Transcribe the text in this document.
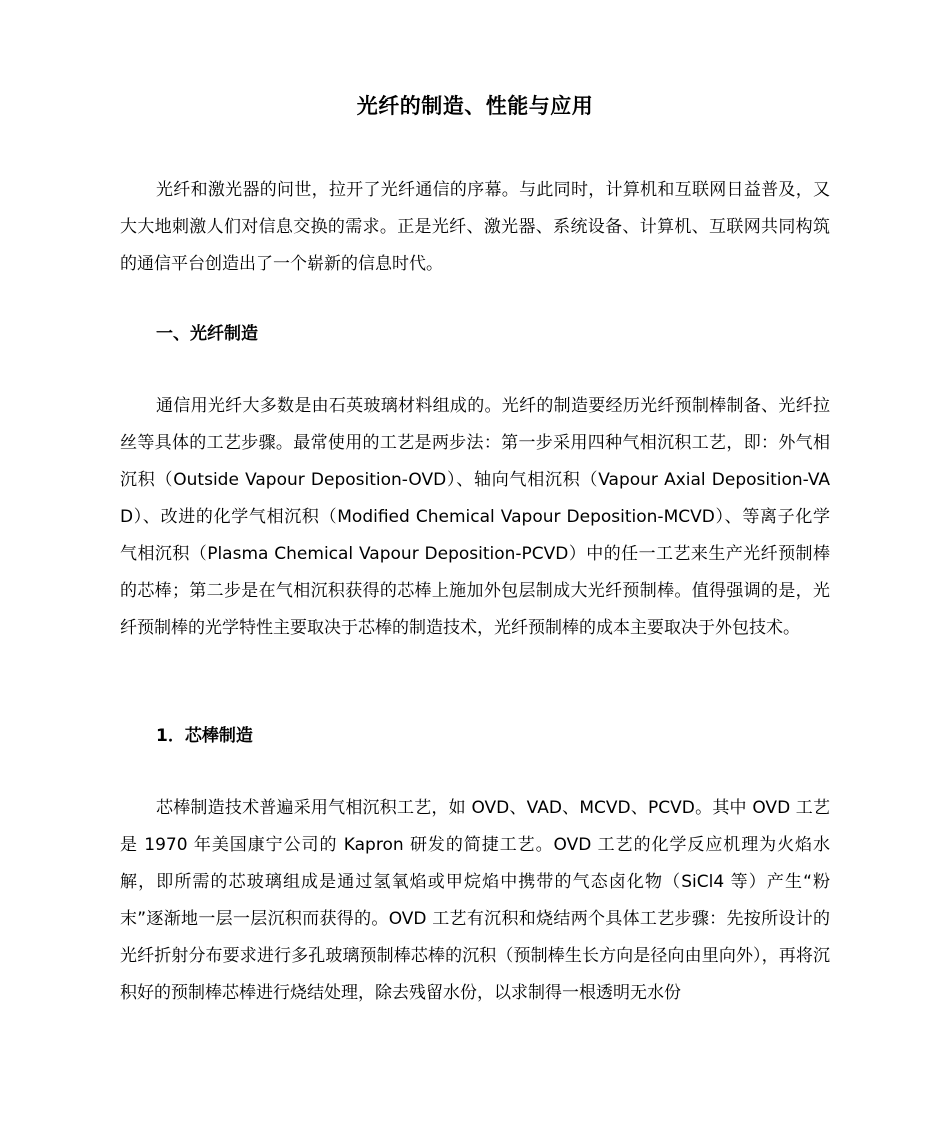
光纤的制造、性能与应用

光纤和激光器的问世，拉开了光纤通信的序幕。与此同时，计算机和互联网日益普及，又大大地刺激人们对信息交换的需求。正是光纤、激光器、系统设备、计算机、互联网共同构筑的通信平台创造出了一个崭新的信息时代。

一、光纤制造

通信用光纤大多数是由石英玻璃材料组成的。光纤的制造要经历光纤预制棒制备、光纤拉丝等具体的工艺步骤。最常使用的工艺是两步法：第一步采用四种气相沉积工艺，即：外气相沉积（Outside Vapour Deposition-OVD）、轴向气相沉积（Vapour Axial Deposition-VAD）、改进的化学气相沉积（Modified Chemical Vapour Deposition-MCVD）、等离子化学气相沉积（Plasma Chemical Vapour Deposition-PCVD）中的任一工艺来生产光纤预制棒的芯棒；第二步是在气相沉积获得的芯棒上施加外包层制成大光纤预制棒。值得强调的是，光纤预制棒的光学特性主要取决于芯棒的制造技术，光纤预制棒的成本主要取决于外包技术。

1．芯棒制造

芯棒制造技术普遍采用气相沉积工艺，如 OVD、VAD、MCVD、PCVD。其中 OVD 工艺是 1970 年美国康宁公司的 Kapron 研发的简捷工艺。OVD 工艺的化学反应机理为火焰水解，即所需的芯玻璃组成是通过氢氧焰或甲烷焰中携带的气态卤化物（SiCl4 等）产生“粉末”逐渐地一层一层沉积而获得的。OVD 工艺有沉积和烧结两个具体工艺步骤：先按所设计的光纤折射分布要求进行多孔玻璃预制棒芯棒的沉积（预制棒生长方向是径向由里向外），再将沉积好的预制棒芯棒进行烧结处理，除去残留水份，以求制得一根透明无水份
